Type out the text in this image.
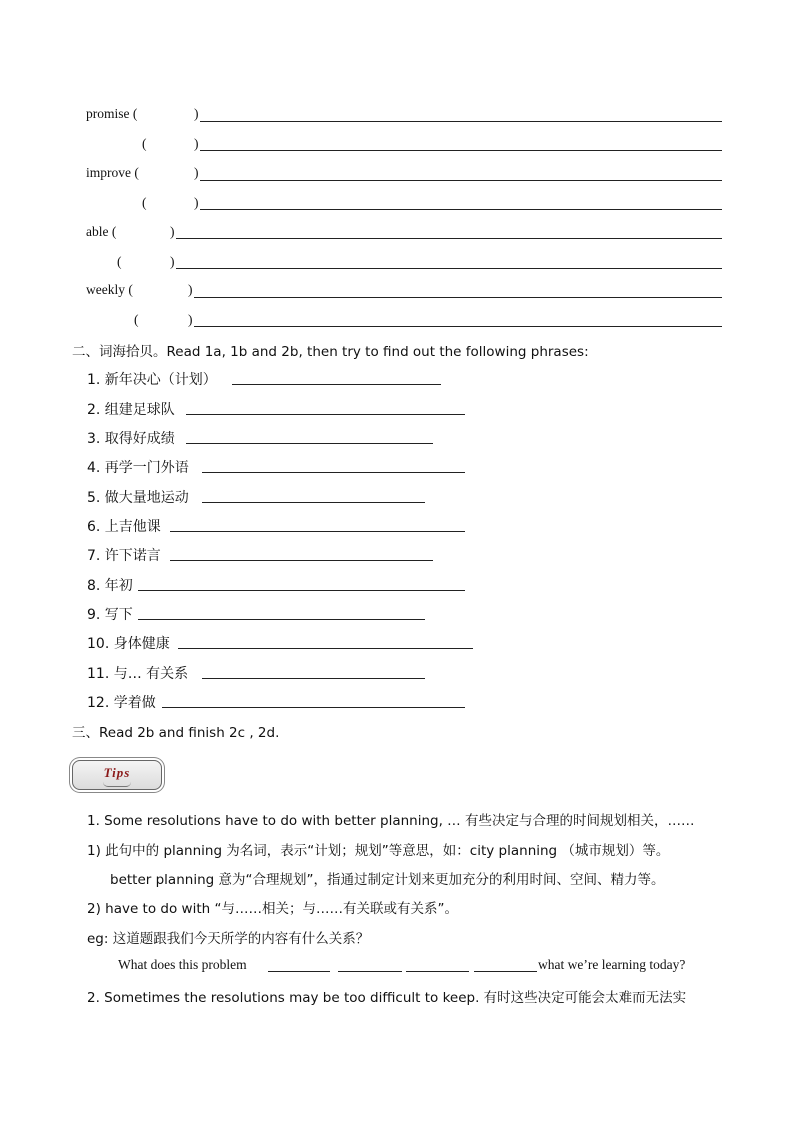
promise (	)
(	)
improve (	)
(	)
able (	)
(	)
weekly (	)
(	)
二、词海拾贝。Read 1a, 1b and 2b, then try to find out the following phrases:
1. 新年决心（计划）
2. 组建足球队
3. 取得好成绩
4. 再学一门外语
5. 做大量地运动
6. 上吉他课
7. 许下诺言
8. 年初
9. 写下
10. 身体健康
11. 与… 有关系
12. 学着做
三、Read 2b and finish 2c , 2d.
Tips
1. Some resolutions have to do with better planning, … 有些决定与合理的时间规划相关，……
1) 此句中的 planning 为名词，表示“计划；规划”等意思，如：city planning （城市规划）等。
better planning 意为“合理规划”，指通过制定计划来更加充分的利用时间、空间、精力等。
2) have to do with “与……相关；与……有关联或有关系”。
eg: 这道题跟我们今天所学的内容有什么关系？
What does this problem	what we’re learning today?
2. Sometimes the resolutions may be too difficult to keep. 有时这些决定可能会太难而无法实
